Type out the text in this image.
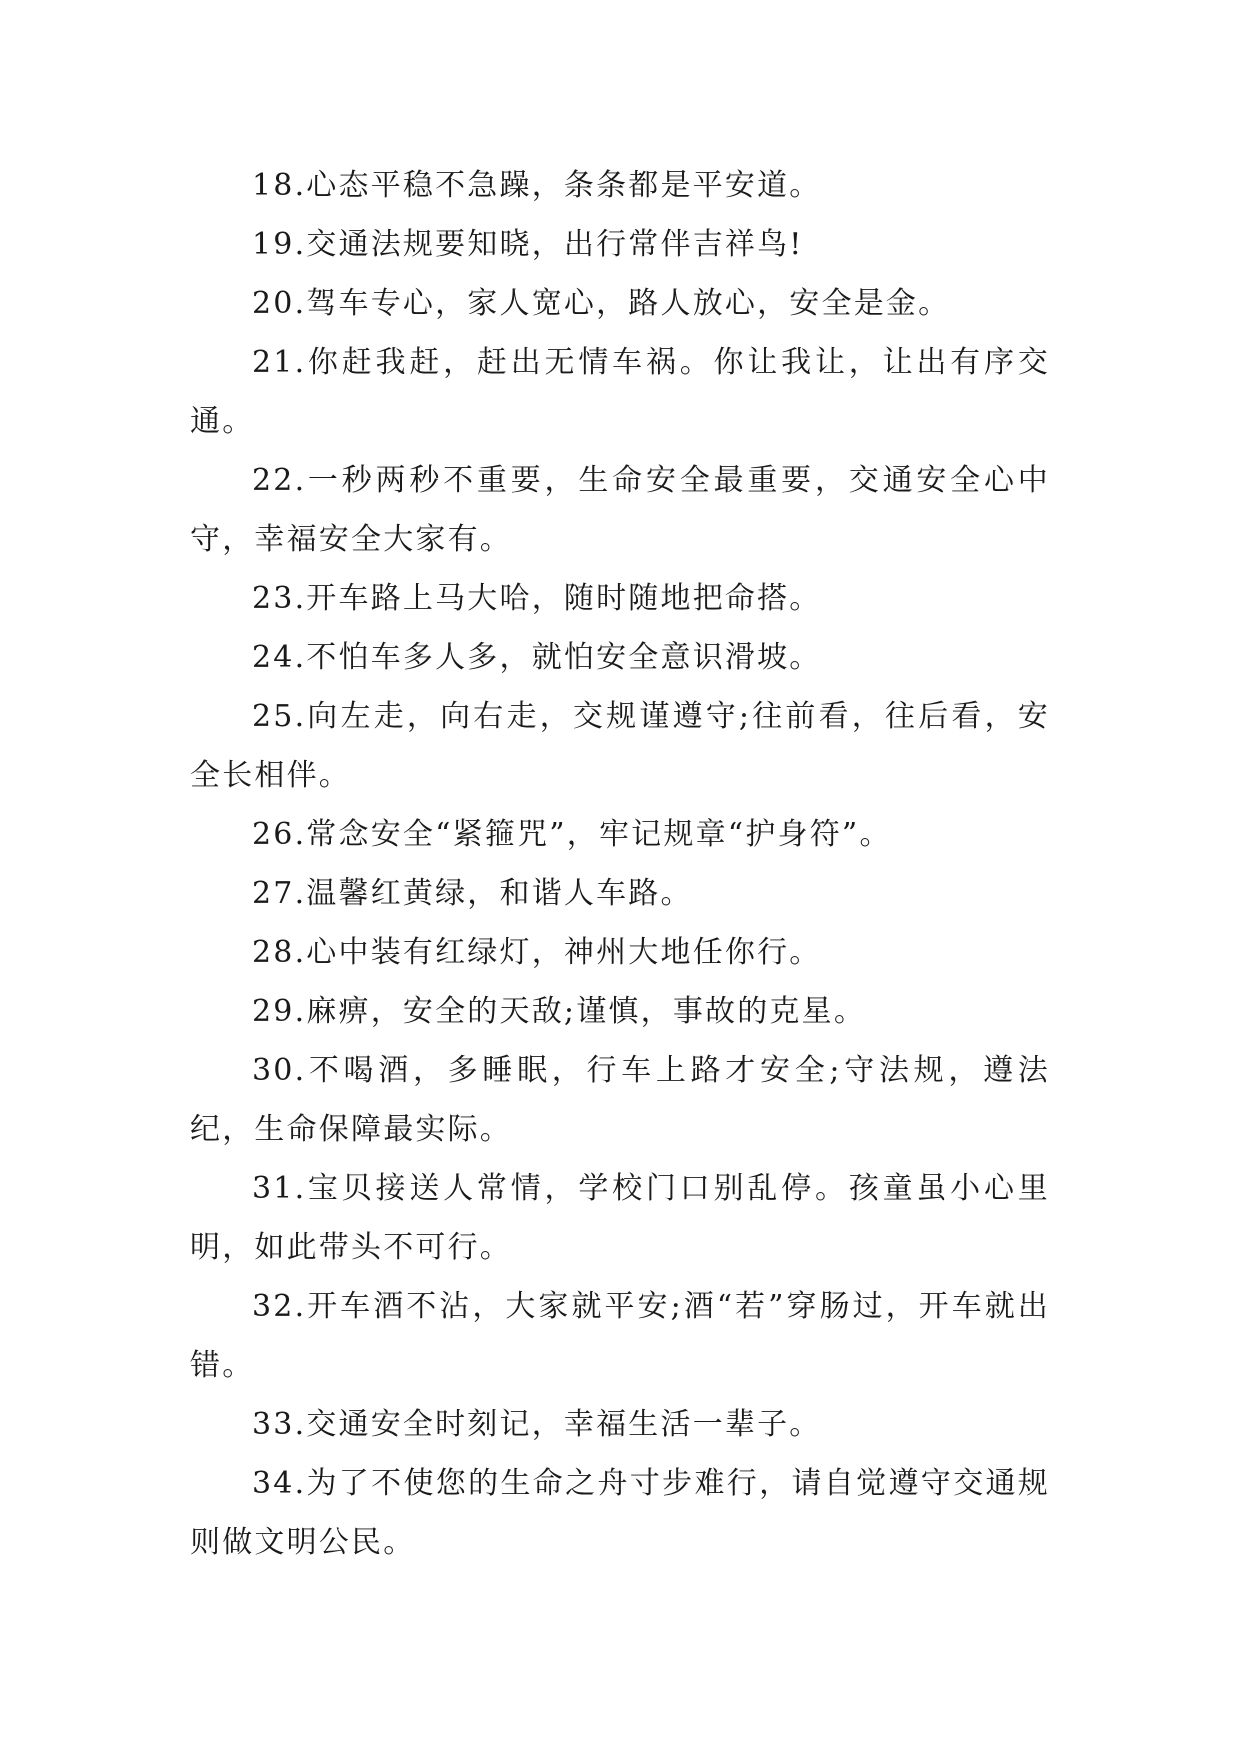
18.心态平稳不急躁，条条都是平安道。

19.交通法规要知晓，出行常伴吉祥鸟!

20.驾车专心，家人宽心，路人放心，安全是金。

21.你赶我赶，赶出无情车祸。你让我让，让出有序交通。

22.一秒两秒不重要，生命安全最重要，交通安全心中守，幸福安全大家有。

23.开车路上马大哈，随时随地把命搭。

24.不怕车多人多，就怕安全意识滑坡。

25.向左走，向右走，交规谨遵守;往前看，往后看，安全长相伴。

26.常念安全“紧箍咒”，牢记规章“护身符”。

27.温馨红黄绿，和谐人车路。

28.心中装有红绿灯，神州大地任你行。

29.麻痹，安全的天敌;谨慎，事故的克星。

30.不喝酒，多睡眠，行车上路才安全;守法规，遵法纪，生命保障最实际。

31.宝贝接送人常情，学校门口别乱停。孩童虽小心里明，如此带头不可行。

32.开车酒不沾，大家就平安;酒“若”穿肠过，开车就出错。

33.交通安全时刻记，幸福生活一辈子。

34.为了不使您的生命之舟寸步难行，请自觉遵守交通规则做文明公民。
